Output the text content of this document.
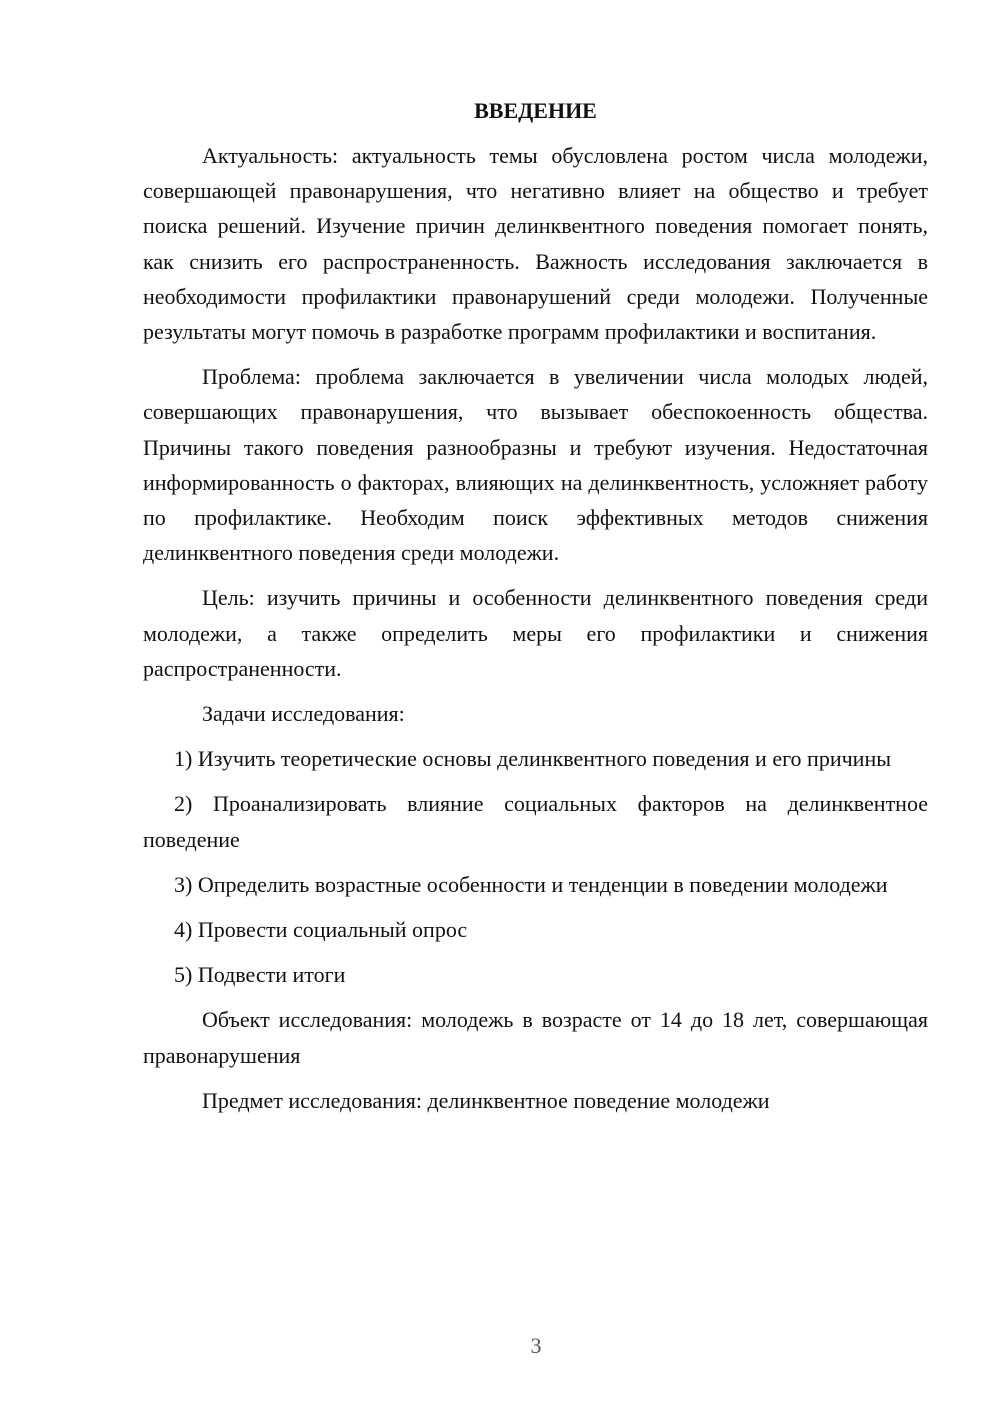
ВВЕДЕНИЕ

Актуальность: актуальность темы обусловлена ростом числа молодежи, совершающей правонарушения, что негативно влияет на общество и требует поиска решений. Изучение причин делинквентного поведения помогает понять, как снизить его распространенность. Важность исследования заключается в необходимости профилактики правонарушений среди молодежи. Полученные результаты могут помочь в разработке программ профилактики и воспитания.

Проблема: проблема заключается в увеличении числа молодых людей, совершающих правонарушения, что вызывает обеспокоенность общества. Причины такого поведения разнообразны и требуют изучения. Недостаточная информированность о факторах, влияющих на делинквентность, усложняет работу по профилактике. Необходим поиск эффективных методов снижения делинквентного поведения среди молодежи.

Цель: изучить причины и особенности делинквентного поведения среди молодежи, а также определить меры его профилактики и снижения распространенности.

Задачи исследования:

1) Изучить теоретические основы делинквентного поведения и его причины

2) Проанализировать влияние социальных факторов на делинквентное поведение

3) Определить возрастные особенности и тенденции в поведении молодежи

4) Провести социальный опрос

5) Подвести итоги

Объект исследования: молодежь в возрасте от 14 до 18 лет, совершающая правонарушения

Предмет исследования: делинквентное поведение молодежи

3
